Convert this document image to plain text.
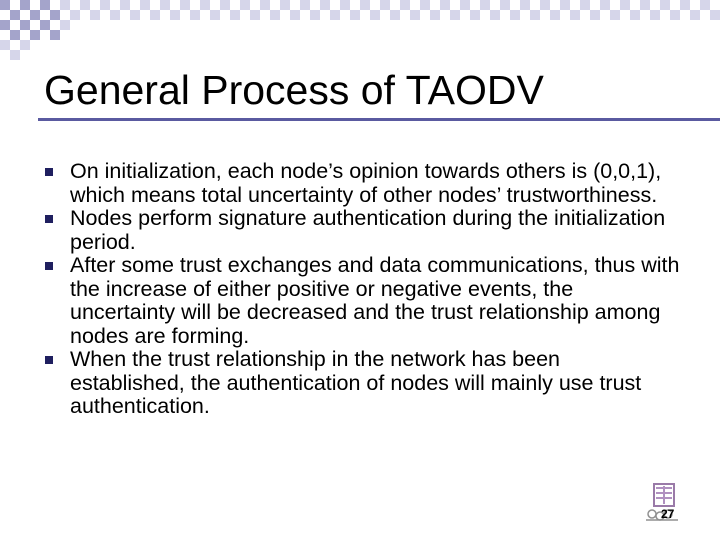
General Process of TAODV
On initialization, each node’s opinion towards others is (0,0,1), which means total uncertainty of other nodes’ trustworthiness.
Nodes perform signature authentication during the initialization period.
After some trust exchanges and data communications, thus with the increase of either positive or negative events, the uncertainty will be decreased and the trust relationship among nodes are forming.
When the trust relationship in the network has been established, the authentication of nodes will mainly use trust authentication.
27
